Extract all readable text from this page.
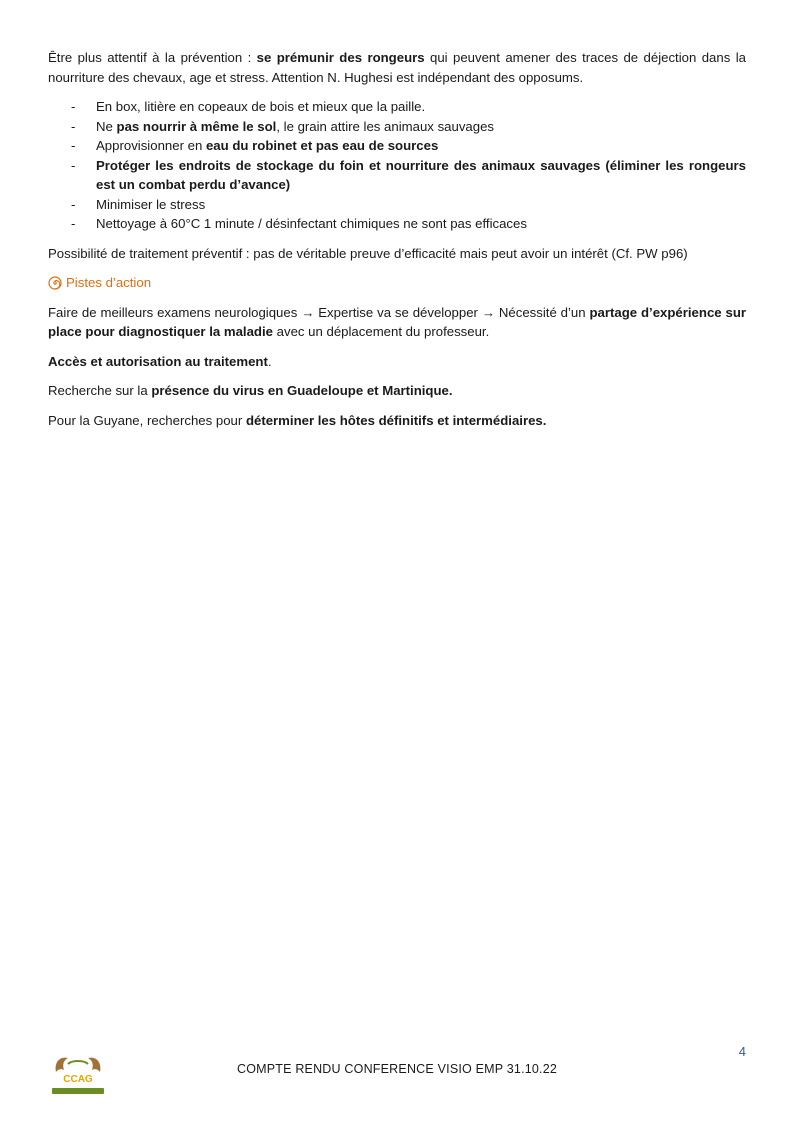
Être plus attentif à la prévention : se prémunir des rongeurs qui peuvent amener des traces de déjection dans la nourriture des chevaux, age et stress. Attention N. Hughesi est indépendant des opposums.

- En box, litière en copeaux de bois et mieux que la paille.
- Ne pas nourrir à même le sol, le grain attire les animaux sauvages
- Approvisionner en eau du robinet et pas eau de sources
- Protéger les endroits de stockage du foin et nourriture des animaux sauvages (éliminer les rongeurs est un combat perdu d’avance)
- Minimiser le stress
- Nettoyage à 60°C 1 minute / désinfectant chimiques ne sont pas efficaces

Possibilité de traitement préventif : pas de véritable preuve d’efficacité mais peut avoir un intérêt (Cf. PW p96)

Pistes d’action

Faire de meilleurs examens neurologiques → Expertise va se développer → Nécessité d’un partage d’expérience sur place pour diagnostiquer la maladie avec un déplacement du professeur.

Accès et autorisation au traitement.

Recherche sur la présence du virus en Guadeloupe et Martinique.

Pour la Guyane, recherches pour déterminer les hôtes définitifs et intermédiaires.

4
CCAG
COMPTE RENDU CONFERENCE VISIO EMP 31.10.22
